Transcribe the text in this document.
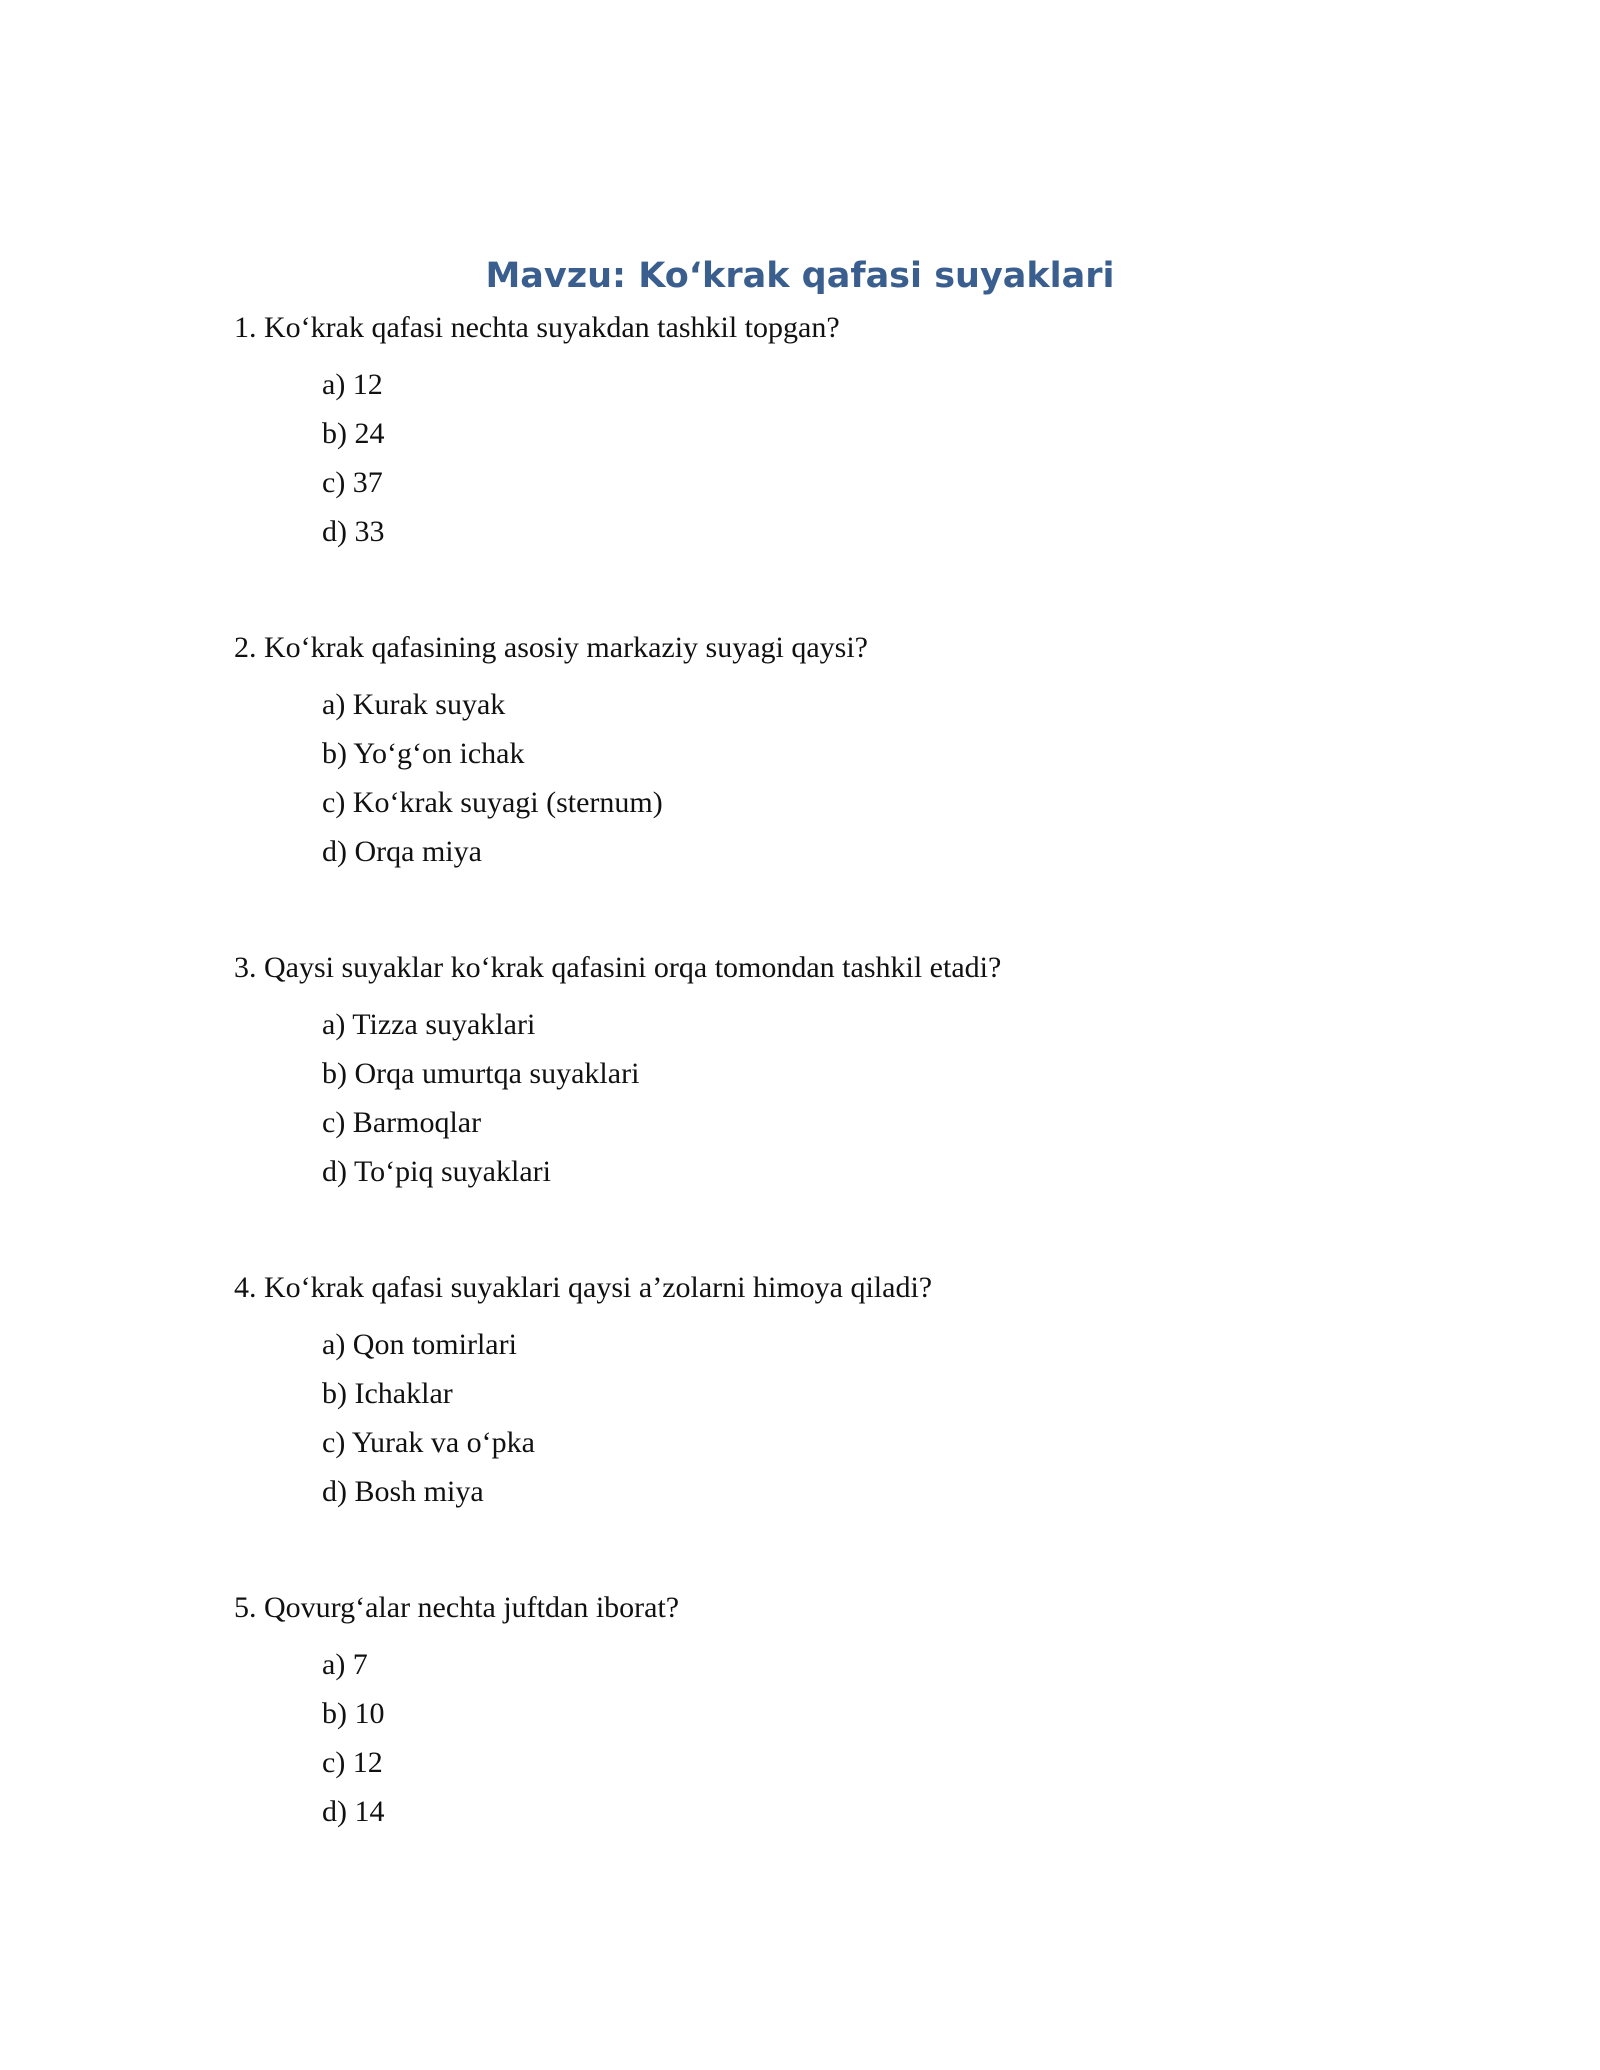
Mavzu: Ko‘krak qafasi suyaklari
1. Ko‘krak qafasi nechta suyakdan tashkil topgan?
a) 12
b) 24
c) 37
d) 33
2. Ko‘krak qafasining asosiy markaziy suyagi qaysi?
a) Kurak suyak
b) Yo‘g‘on ichak
c) Ko‘krak suyagi (sternum)
d) Orqa miya
3. Qaysi suyaklar ko‘krak qafasini orqa tomondan tashkil etadi?
a) Tizza suyaklari
b) Orqa umurtqa suyaklari
c) Barmoqlar
d) To‘piq suyaklari
4. Ko‘krak qafasi suyaklari qaysi a’zolarni himoya qiladi?
a) Qon tomirlari
b) Ichaklar
c) Yurak va o‘pka
d) Bosh miya
5. Qovurg‘alar nechta juftdan iborat?
a) 7
b) 10
c) 12
d) 14
